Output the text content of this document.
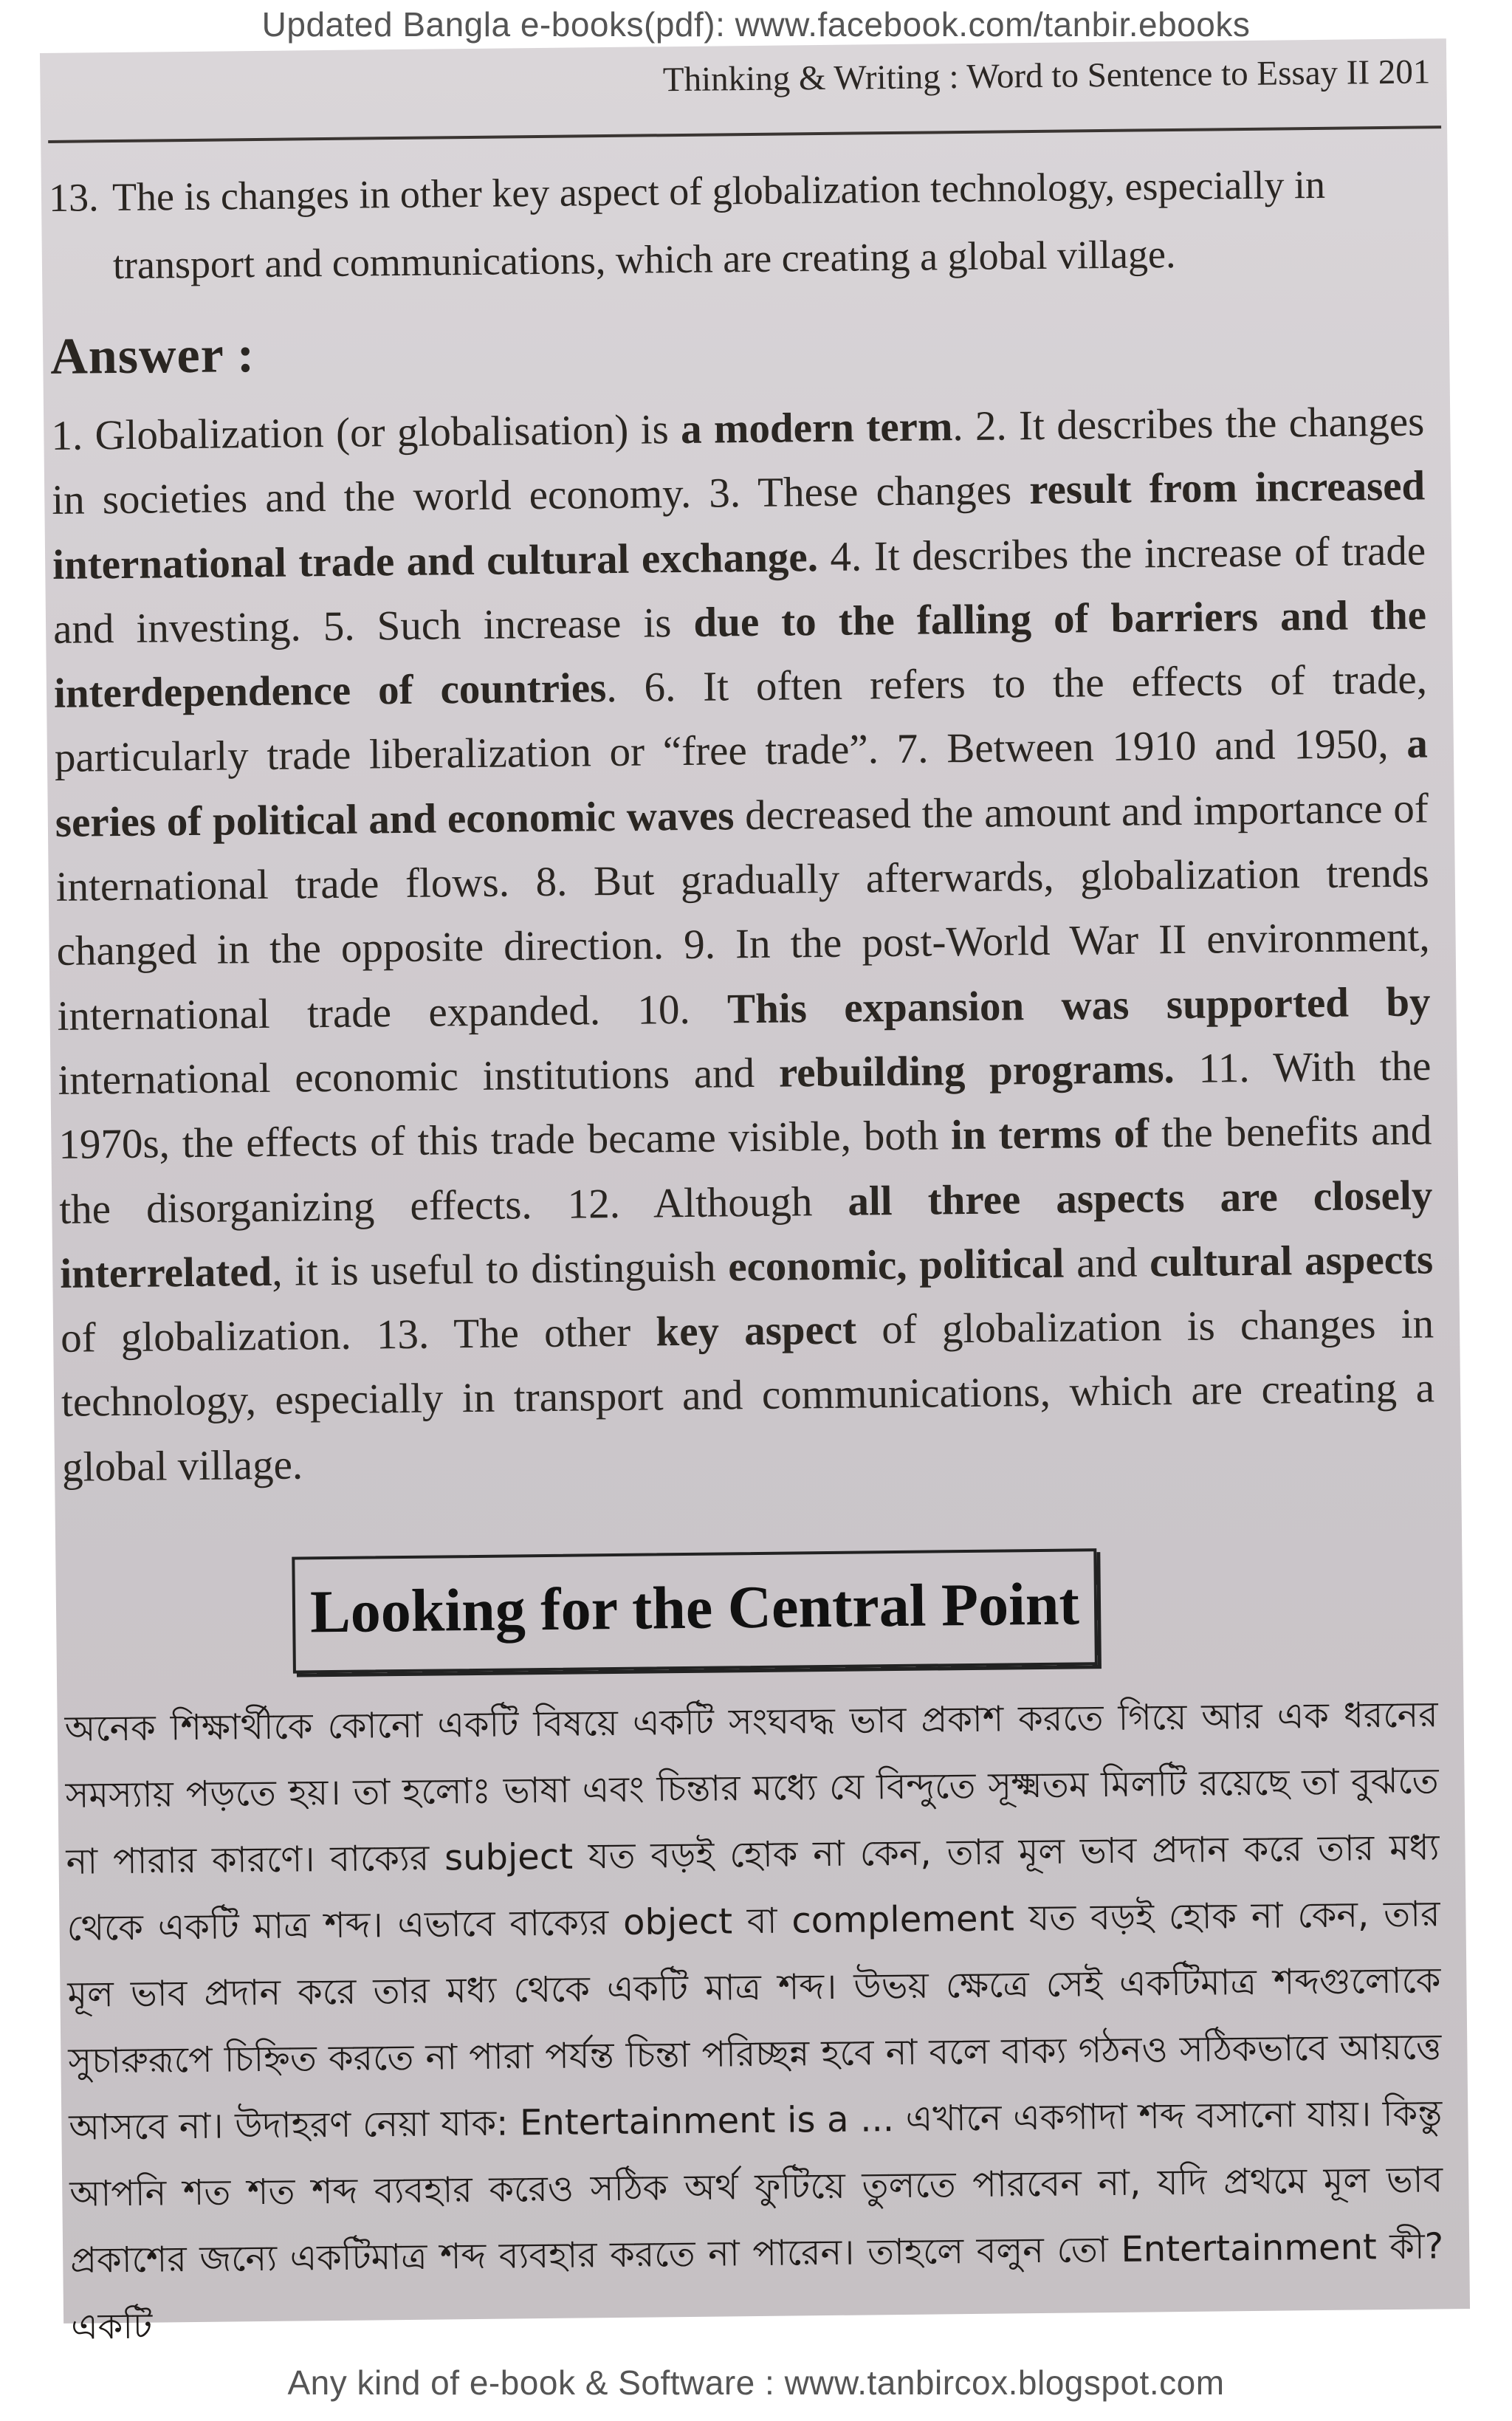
Updated Bangla e-books(pdf): www.facebook.com/tanbir.ebooks
Thinking & Writing : Word to Sentence to Essay II 201
13. The is changes in other key aspect of globalization technology, especially in transport and communications, which are creating a global village.
Answer :
1. Globalization (or globalisation) is a modern term. 2. It describes the changes in societies and the world economy. 3. These changes result from increased international trade and cultural exchange. 4. It describes the increase of trade and investing. 5. Such increase is due to the falling of barriers and the interdependence of countries. 6. It often refers to the effects of trade, particularly trade liberalization or “free trade”. 7. Between 1910 and 1950, a series of political and economic waves decreased the amount and importance of international trade flows. 8. But gradually afterwards, globalization trends changed in the opposite direction. 9. In the post-World War II environment, international trade expanded. 10. This expansion was supported by international economic institutions and rebuilding programs. 11. With the 1970s, the effects of this trade became visible, both in terms of the benefits and the disorganizing effects. 12. Although all three aspects are closely interrelated, it is useful to distinguish economic, political and cultural aspects of globalization. 13. The other key aspect of globalization is changes in technology, especially in transport and communications, which are creating a global village.
Looking for the Central Point
অনেক শিক্ষার্থীকে কোনো একটি বিষয়ে একটি সংঘবদ্ধ ভাব প্রকাশ করতে গিয়ে আর এক ধরনের সমস্যায় পড়তে হয়। তা হলোঃ ভাষা এবং চিন্তার মধ্যে যে বিন্দুতে সূক্ষ্মতম মিলটি রয়েছে তা বুঝতে না পারার কারণে। বাক্যের subject যত বড়ই হোক না কেন, তার মূল ভাব প্রদান করে তার মধ্য থেকে একটি মাত্র শব্দ। এভাবে বাক্যের object বা complement যত বড়ই হোক না কেন, তার মূল ভাব প্রদান করে তার মধ্য থেকে একটি মাত্র শব্দ। উভয় ক্ষেত্রে সেই একটিমাত্র শব্দগুলোকে সুচারুরূপে চিহ্নিত করতে না পারা পর্যন্ত চিন্তা পরিচ্ছন্ন হবে না বলে বাক্য গঠনও সঠিকভাবে আয়ত্তে আসবে না। উদাহরণ নেয়া যাক: Entertainment is a ... এখানে একগাদা শব্দ বসানো যায়। কিন্তু আপনি শত শত শব্দ ব্যবহার করেও সঠিক অর্থ ফুটিয়ে তুলতে পারবেন না, যদি প্রথমে মূল ভাব প্রকাশের জন্যে একটিমাত্র শব্দ ব্যবহার করতে না পারেন। তাহলে বলুন তো Entertainment কী? একটি
Any kind of e-book & Software : www.tanbircox.blogspot.com
